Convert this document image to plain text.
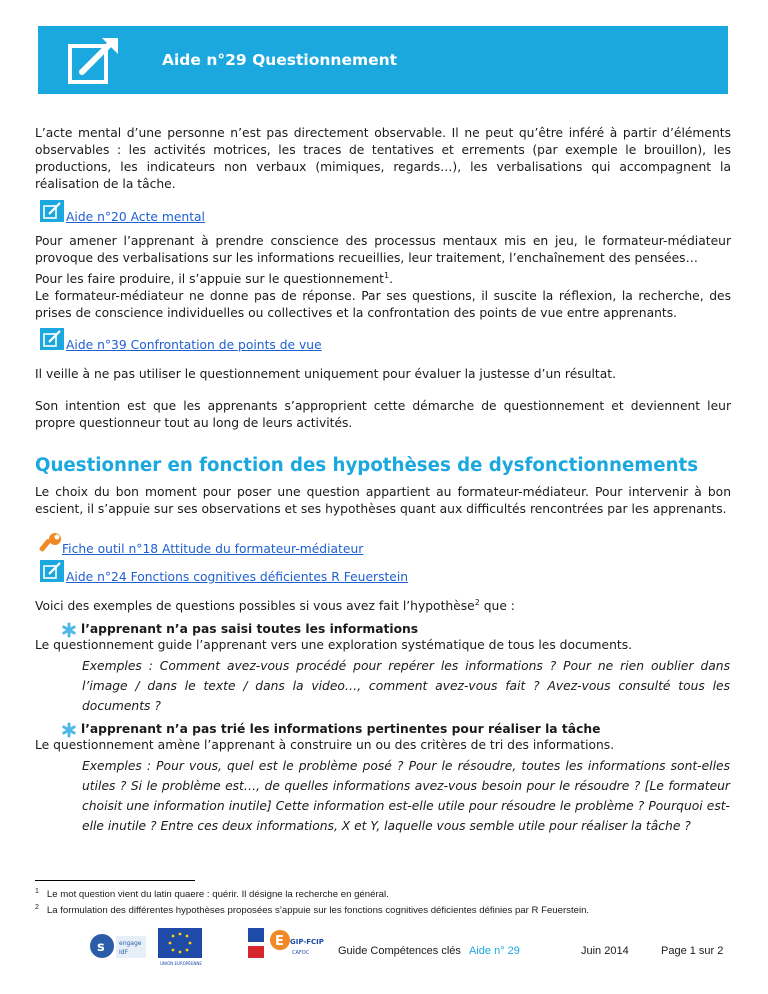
Aide n°29 Questionnement
L’acte mental d’une personne n’est pas directement observable. Il ne peut qu’être inféré à partir d’éléments observables : les activités motrices, les traces de tentatives et errements (par exemple le brouillon), les productions, les indicateurs non verbaux (mimiques, regards…), les verbalisations qui accompagnent la réalisation de la tâche.
Aide n°20 Acte mental
Pour amener l’apprenant à prendre conscience des processus mentaux mis en jeu, le formateur-médiateur provoque des verbalisations sur les informations recueillies, leur traitement, l’enchaînement des pensées…
Pour les faire produire, il s’appuie sur le questionnement$^1$.
Le formateur-médiateur ne donne pas de réponse. Par ses questions, il suscite la réflexion, la recherche, des prises de conscience individuelles ou collectives et la confrontation des points de vue entre apprenants.
Aide n°39 Confrontation de points de vue
Il veille à ne pas utiliser le questionnement uniquement pour évaluer la justesse d’un résultat.
Son intention est que les apprenants s’approprient cette démarche de questionnement et deviennent leur propre questionneur tout au long de leurs activités.
Questionner en fonction des hypothèses de dysfonctionnements
Le choix du bon moment pour poser une question appartient au formateur-médiateur. Pour intervenir à bon escient, il s’appuie sur ses observations et ses hypothèses quant aux difficultés rencontrées par les apprenants.
Fiche outil n°18 Attitude du formateur-médiateur
Aide n°24 Fonctions cognitives déficientes R Feuerstein
Voici des exemples de questions possibles si vous avez fait l’hypothèse$^2$ que :
l’apprenant n’a pas saisi toutes les informations
Le questionnement guide l’apprenant vers une exploration systématique de tous les documents.
Exemples : Comment avez-vous procédé pour repérer les informations ? Pour ne rien oublier dans l’image / dans le texte / dans la video…, comment avez-vous fait ? Avez-vous consulté tous les documents ?
l’apprenant n’a pas trié les informations pertinentes pour réaliser la tâche
Le questionnement amène l’apprenant à construire un ou des critères de tri des informations.
Exemples : Pour vous, quel est le problème posé ? Pour le résoudre, toutes les informations sont-elles utiles ? Si le problème est…, de quelles informations avez-vous besoin pour le résoudre ? [Le formateur choisit une information inutile] Cette information est-elle utile pour résoudre le problème ? Pourquoi est-elle inutile ? Entre ces deux informations, X et Y, laquelle vous semble utile pour réaliser la tâche ?
$^1$ Le mot question vient du latin quaere : quérir. Il désigne la recherche en général.
$^2$ La formulation des différentes hypothèses proposées s’appuie sur les fonctions cognitives déficientes définies par R Feuerstein.
s engage
IdF
UNION EUROPÉENNE
E GIP-FCIP
CAFOC	Guide Compétences clés Aide n° 29	Juin 2014	Page 1 sur 2
